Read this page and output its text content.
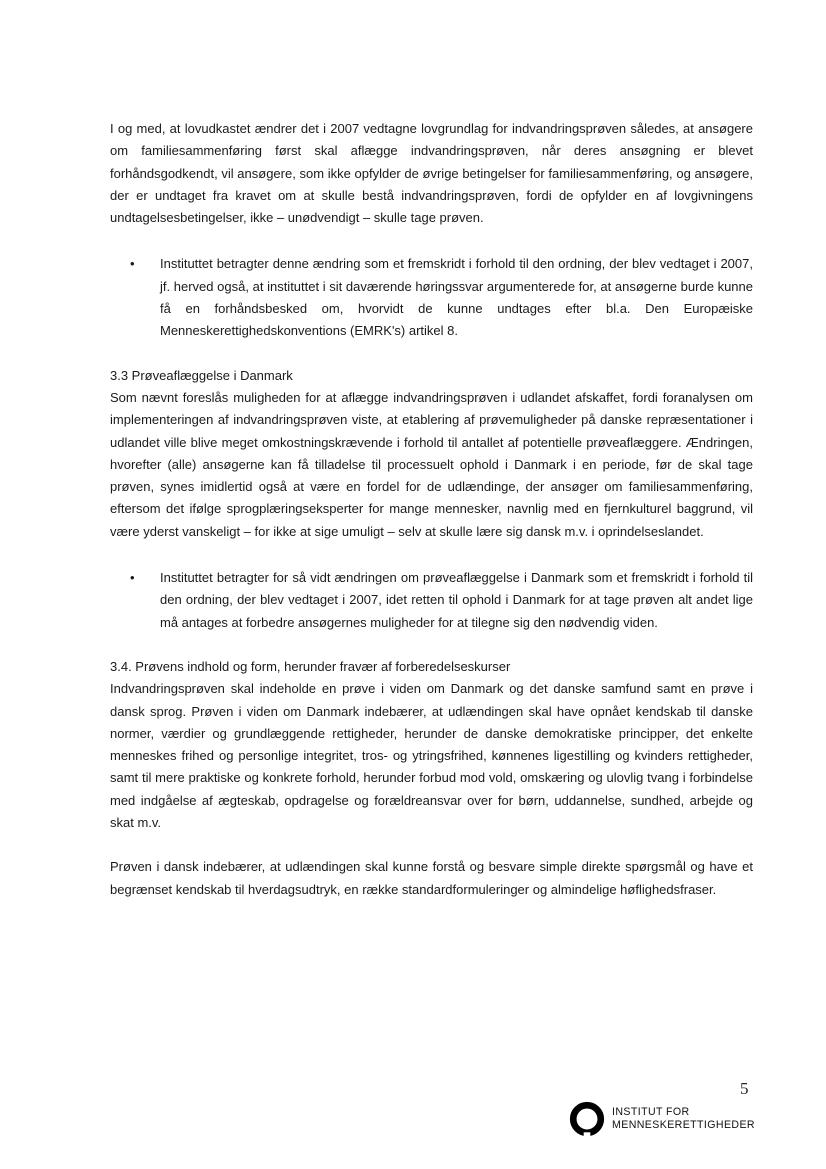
I og med, at lovudkastet ændrer det i 2007 vedtagne lovgrundlag for indvandringsprøven således, at ansøgere om familiesammenføring først skal aflægge indvandringsprøven, når deres ansøgning er blevet forhåndsgodkendt, vil ansøgere, som ikke opfylder de øvrige betingelser for familiesammenføring, og ansøgere, der er undtaget fra kravet om at skulle bestå indvandringsprøven, fordi de opfylder en af lovgivningens undtagelsesbetingelser, ikke – unødvendigt – skulle tage prøven.

• Instituttet betragter denne ændring som et fremskridt i forhold til den ordning, der blev vedtaget i 2007, jf. herved også, at instituttet i sit daværende høringssvar argumenterede for, at ansøgerne burde kunne få en forhåndsbesked om, hvorvidt de kunne undtages efter bl.a. Den Europæiske Menneskerettighedskonventions (EMRK's) artikel 8.

3.3 Prøveaflæggelse i Danmark

Som nævnt foreslås muligheden for at aflægge indvandringsprøven i udlandet afskaffet, fordi foranalysen om implementeringen af indvandringsprøven viste, at etablering af prøvemuligheder på danske repræsentationer i udlandet ville blive meget omkostningskrævende i forhold til antallet af potentielle prøveaflæggere. Ændringen, hvorefter (alle) ansøgerne kan få tilladelse til processuelt ophold i Danmark i en periode, før de skal tage prøven, synes imidlertid også at være en fordel for de udlændinge, der ansøger om familiesammenføring, eftersom det ifølge sprogplæringseksperter for mange mennesker, navnlig med en fjernkulturel baggrund, vil være yderst vanskeligt – for ikke at sige umuligt – selv at skulle lære sig dansk m.v. i oprindelseslandet.

• Instituttet betragter for så vidt ændringen om prøveaflæggelse i Danmark som et fremskridt i forhold til den ordning, der blev vedtaget i 2007, idet retten til ophold i Danmark for at tage prøven alt andet lige må antages at forbedre ansøgernes muligheder for at tilegne sig den nødvendig viden.

3.4. Prøvens indhold og form, herunder fravær af forberedelseskurser

Indvandringsprøven skal indeholde en prøve i viden om Danmark og det danske samfund samt en prøve i dansk sprog. Prøven i viden om Danmark indebærer, at udlændingen skal have opnået kendskab til danske normer, værdier og grundlæggende rettigheder, herunder de danske demokratiske principper, det enkelte menneskes frihed og personlige integritet, tros- og ytringsfrihed, kønnenes ligestilling og kvinders rettigheder, samt til mere praktiske og konkrete forhold, herunder forbud mod vold, omskæring og ulovlig tvang i forbindelse med indgåelse af ægteskab, opdragelse og forældreansvar over for børn, uddannelse, sundhed, arbejde og skat m.v.

Prøven i dansk indebærer, at udlændingen skal kunne forstå og besvare simple direkte spørgsmål og have et begrænset kendskab til hverdagsudtryk, en række standardformuleringer og almindelige høflighedsfraser.

5
INSTITUT FOR
MENNESKERETTIGHEDER
